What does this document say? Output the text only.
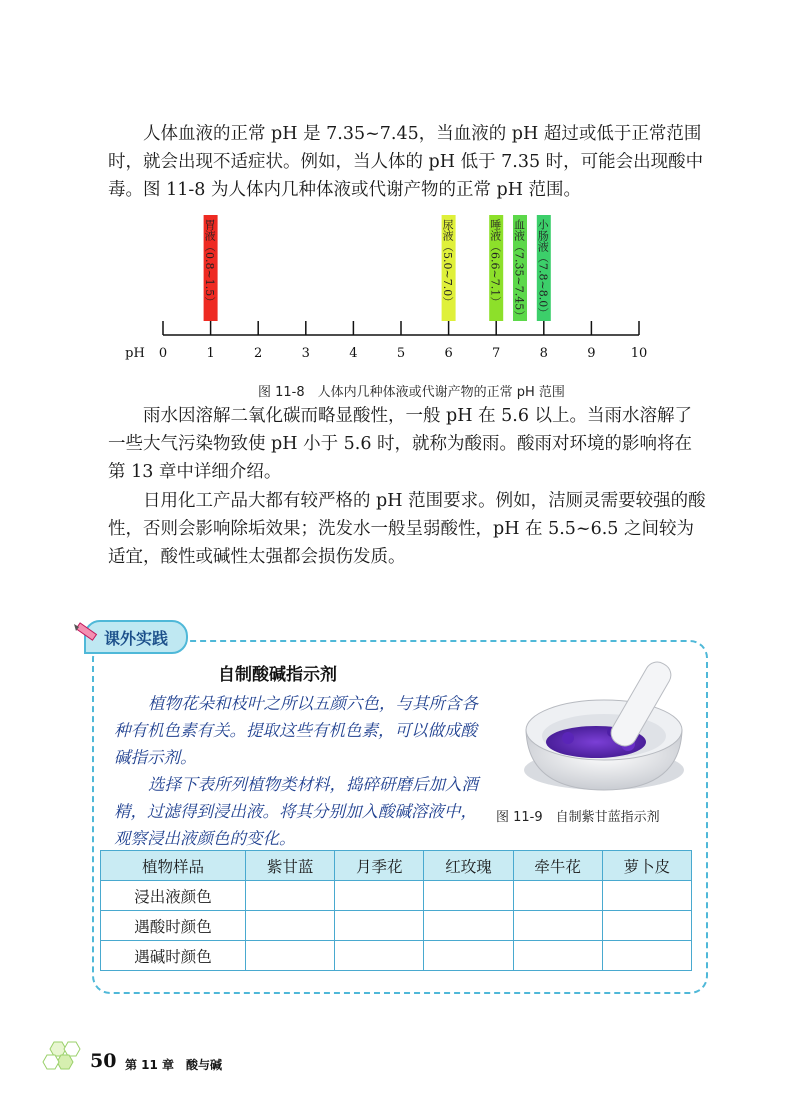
人体血液的正常 pH 是 7.35~7.45，当血液的 pH 超过或低于正常范围时，就会出现不适症状。例如，当人体的 pH 低于 7.35 时，可能会出现酸中毒。图 11-8 为人体内几种体液或代谢产物的正常 pH 范围。

0	1	2	3	4	5	6	7	8	9	10
pH
胃液（0.8~1.5）	尿液（5.0~7.0）	唾液（6.6~7.1） 血液（7.35~7.45） 小肠液（7.8~8.0）
图 11-8　人体内几种体液或代谢产物的正常 pH 范围

雨水因溶解二氧化碳而略显酸性，一般 pH 在 5.6 以上。当雨水溶解了一些大气污染物致使 pH 小于 5.6 时，就称为酸雨。酸雨对环境的影响将在第 13 章中详细介绍。

日用化工产品大都有较严格的 pH 范围要求。例如，洁厕灵需要较强的酸性，否则会影响除垢效果；洗发水一般呈弱酸性，pH 在 5.5~6.5 之间较为适宜，酸性或碱性太强都会损伤发质。

课外实践
自制酸碱指示剂

植物花朵和枝叶之所以五颜六色，与其所含各种有机色素有关。提取这些有机色素，可以做成酸碱指示剂。

选择下表所列植物类材料，捣碎研磨后加入酒精，过滤得到浸出液。将其分别加入酸碱溶液中，观察浸出液颜色的变化。

图 11-9　自制紫甘蓝指示剂
植物样品	紫甘蓝	月季花	红玫瑰	牵牛花	萝卜皮
浸出液颜色					
遇酸时颜色					
遇碱时颜色					
50 第 11 章　酸与碱
